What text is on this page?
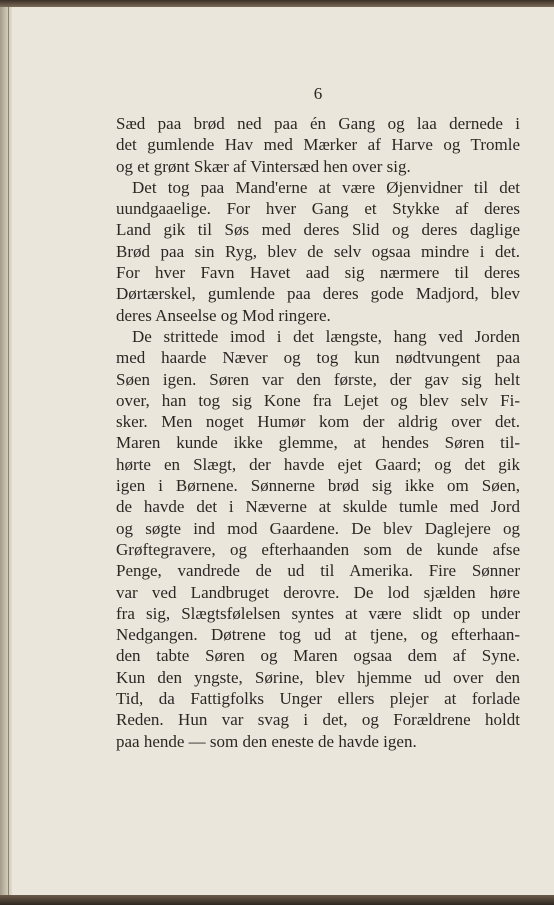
6
Sæd paa brød ned paa én Gang og laa dernede i
det gumlende Hav med Mærker af Harve og Tromle
og et grønt Skær af Vintersæd hen over sig.
Det tog paa Mand'erne at være Øjenvidner til det
uundgaaelige. For hver Gang et Stykke af deres
Land gik til Søs med deres Slid og deres daglige
Brød paa sin Ryg, blev de selv ogsaa mindre i det.
For hver Favn Havet aad sig nærmere til deres
Dørtærskel, gumlende paa deres gode Madjord, blev
deres Anseelse og Mod ringere.
De strittede imod i det længste, hang ved Jorden
med haarde Næver og tog kun nødtvungent paa
Søen igen. Søren var den første, der gav sig helt
over, han tog sig Kone fra Lejet og blev selv Fi-
sker. Men noget Humør kom der aldrig over det.
Maren kunde ikke glemme, at hendes Søren til-
hørte en Slægt, der havde ejet Gaard; og det gik
igen i Børnene. Sønnerne brød sig ikke om Søen,
de havde det i Næverne at skulde tumle med Jord
og søgte ind mod Gaardene. De blev Daglejere og
Grøftegravere, og efterhaanden som de kunde afse
Penge, vandrede de ud til Amerika. Fire Sønner
var ved Landbruget derovre. De lod sjælden høre
fra sig, Slægtsfølelsen syntes at være slidt op under
Nedgangen. Døtrene tog ud at tjene, og efterhaan-
den tabte Søren og Maren ogsaa dem af Syne.
Kun den yngste, Sørine, blev hjemme ud over den
Tid, da Fattigfolks Unger ellers plejer at forlade
Reden. Hun var svag i det, og Forældrene holdt
paa hende — som den eneste de havde igen.
